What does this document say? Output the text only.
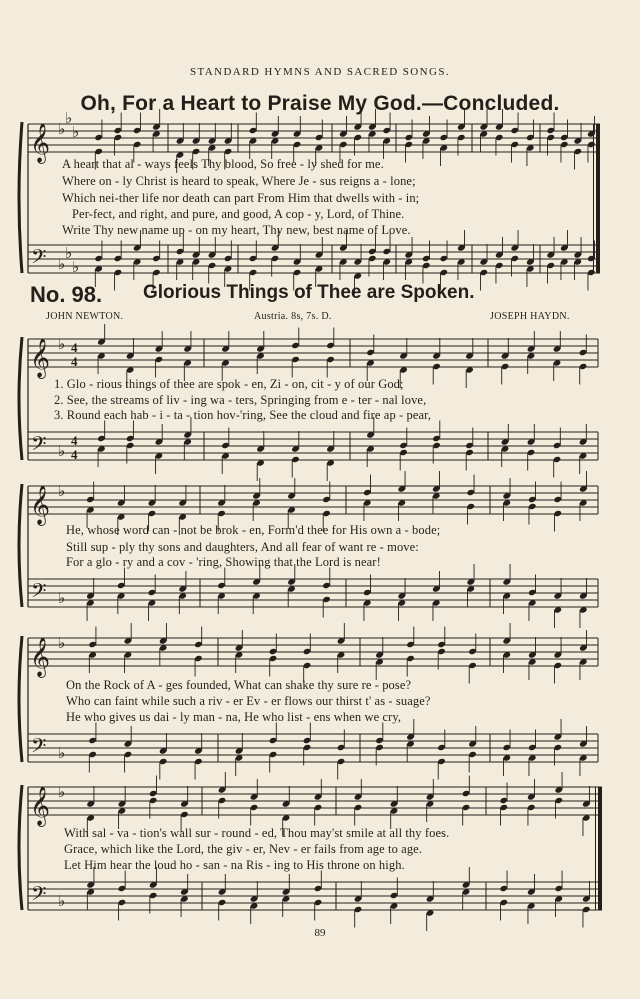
STANDARD HYMNS AND SACRED SONGS.
Oh, For a Heart to Praise My God.—Concluded.
𝄞
𝄢
♭
♭
♭
♭
♭
♭
𝄞
𝄢
♭
♭
4
4
4
4
𝄞
𝄢
♭
♭
𝄞
𝄢
♭
♭
𝄞
𝄢
♭
♭
A heart that al - ways feels Thy blood, So free - ly shed for me.
Where on - ly Christ is heard to speak, Where Je - sus reigns a - lone;
Which nei-ther life nor death can part From Him that dwells with - in;
Per-fect, and right, and pure, and good, A cop - y, Lord, of Thine.
Write Thy new name up - on my heart, Thy new, best name of Love.
No. 98. Glorious Things of Thee are Spoken.
JOHN NEWTON.	Austria. 8s, 7s. D.	JOSEPH HAYDN.
1. Glo - rious things of thee are spok - en, Zi - on, cit - y of our God;
2. See, the streams of liv - ing wa - ters, Springing from e - ter - nal love,
3. Round each hab - i - ta - tion hov-'ring, See the cloud and fire ap - pear,
He, whose word can - not be brok - en, Form'd thee for His own a - bode;
Still sup - ply thy sons and daughters, And all fear of want re - move:
For a glo - ry and a cov - 'ring, Showing that the Lord is near!
On the Rock of A - ges founded, What can shake thy sure re - pose?
Who can faint while such a riv - er Ev - er flows our thirst t' as - suage?
He who gives us dai - ly man - na, He who list - ens when we cry,
With sal - va - tion's wall sur - round - ed, Thou may'st smile at all thy foes.
Grace, which like the Lord, the giv - er, Nev - er fails from age to age.
Let Him hear the loud ho - san - na Ris - ing to His throne on high.
89
